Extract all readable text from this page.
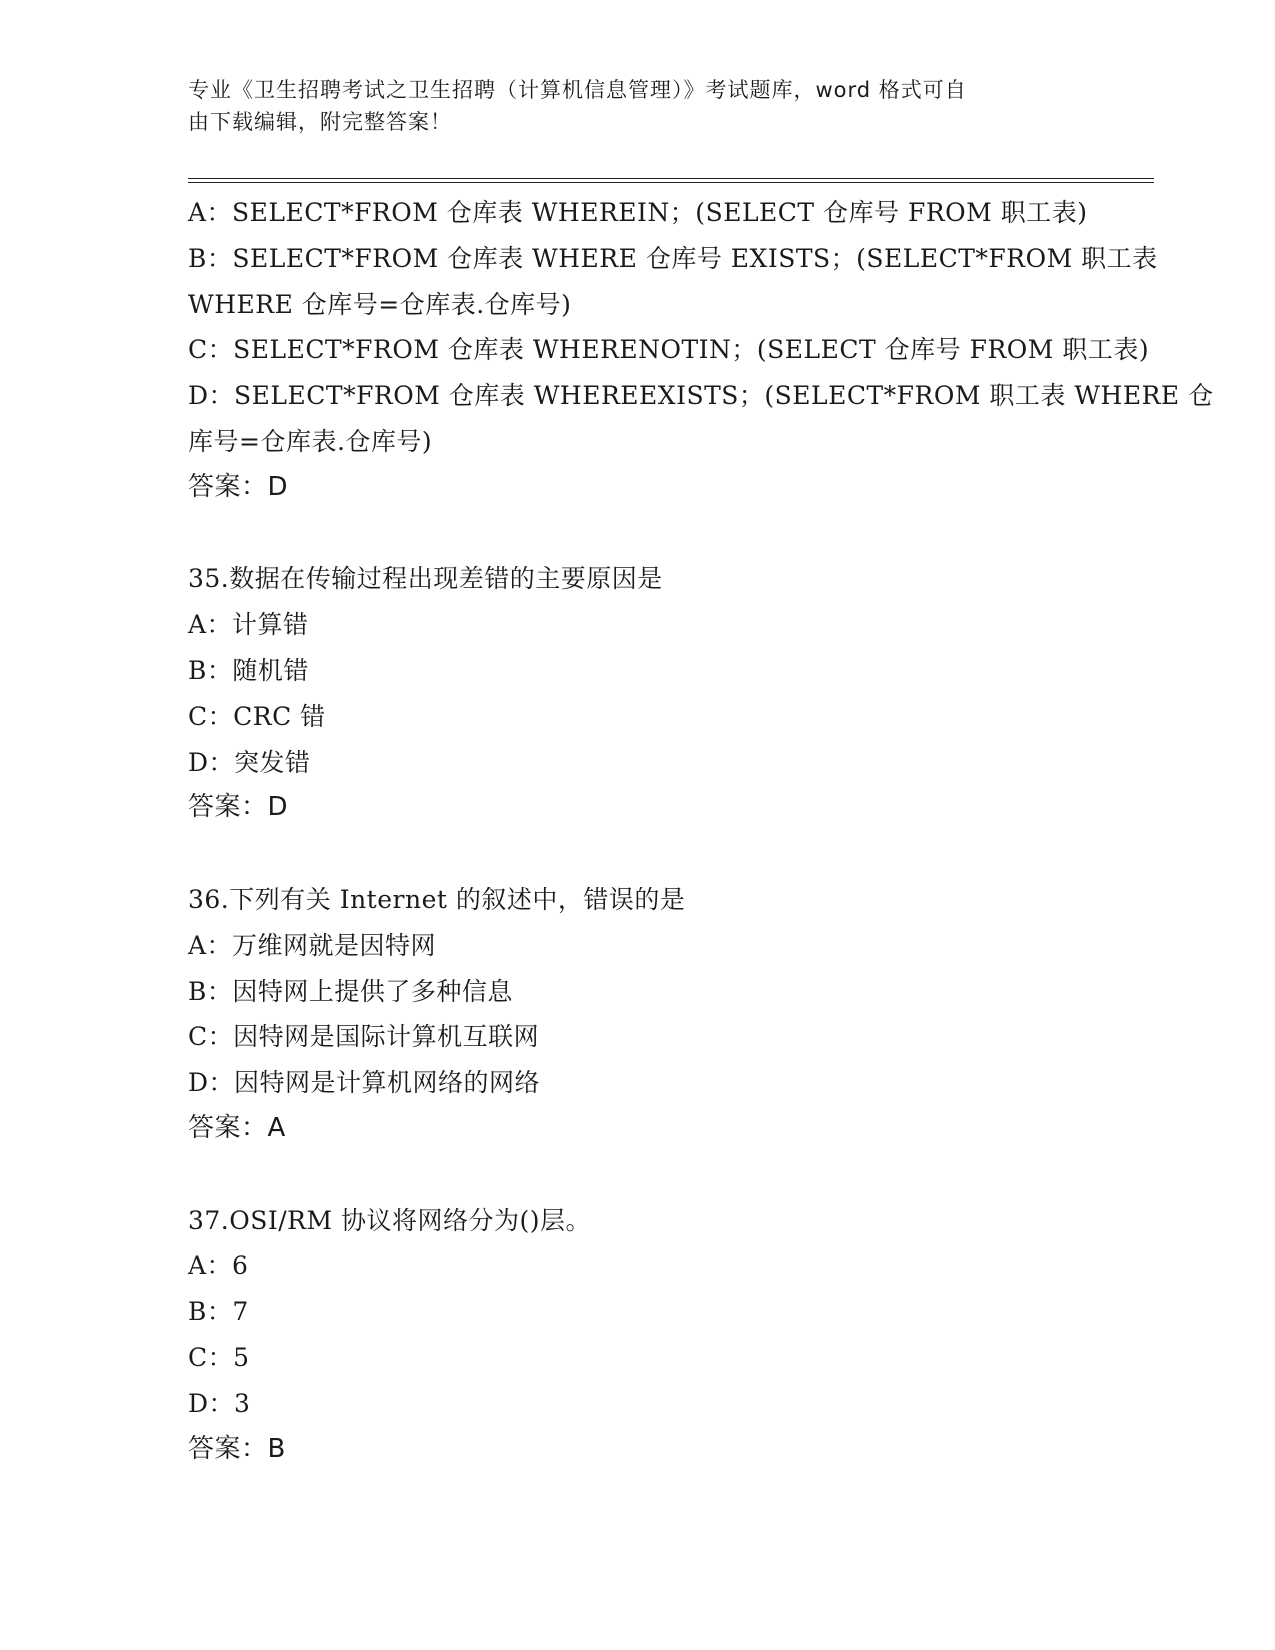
专业《卫生招聘考试之卫生招聘（计算机信息管理）》考试题库，word 格式可自
由下载编辑，附完整答案！
A：SELECT*FROM 仓库表 WHEREIN；(SELECT 仓库号 FROM 职工表)
B：SELECT*FROM 仓库表 WHERE 仓库号 EXISTS；(SELECT*FROM 职工表
WHERE 仓库号=仓库表.仓库号)
C：SELECT*FROM 仓库表 WHERENOTIN；(SELECT 仓库号 FROM 职工表)
D：SELECT*FROM 仓库表 WHEREEXISTS；(SELECT*FROM 职工表 WHERE 仓
库号=仓库表.仓库号)
答案：D
35.数据在传输过程出现差错的主要原因是
A：计算错
B：随机错
C：CRC 错
D：突发错
答案：D
36.下列有关 Internet 的叙述中，错误的是
A：万维网就是因特网
B：因特网上提供了多种信息
C：因特网是国际计算机互联网
D：因特网是计算机网络的网络
答案：A
37.OSI/RM 协议将网络分为()层。
A：6
B：7
C：5
D：3
答案：B
